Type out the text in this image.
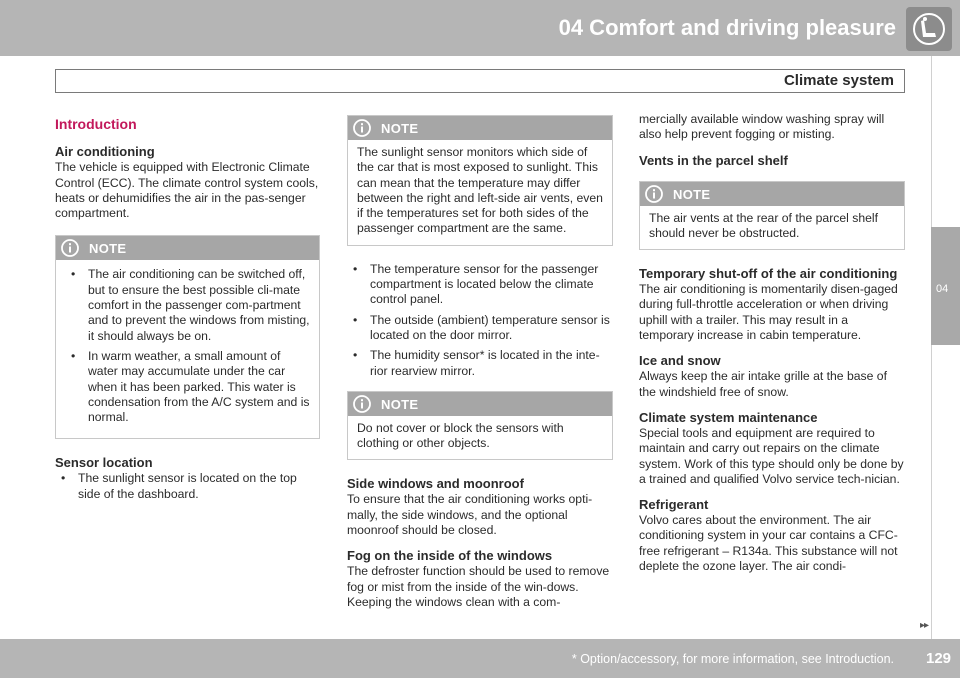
04 Comfort and driving pleasure
Climate system
04
Introduction
Air conditioning

The vehicle is equipped with Electronic Climate Control (ECC). The climate control system cools, heats or dehumidifies the air in the pas-senger compartment.

NOTE
• The air conditioning can be switched off, but to ensure the best possible cli-mate comfort in the passenger com-partment and to prevent the windows from misting, it should always be on.
• In warm weather, a small amount of water may accumulate under the car when it has been parked. This water is condensation from the A/C system and is normal.
Sensor location
• The sunlight sensor is located on the top side of the dashboard.
NOTE

The sunlight sensor monitors which side of the car that is most exposed to sunlight. This can mean that the temperature may differ between the right and left-side air vents, even if the temperatures set for both sides of the passenger compartment are the same.

• The temperature sensor for the passenger compartment is located below the climate control panel.
• The outside (ambient) temperature sensor is located on the door mirror.
• The humidity sensor* is located in the inte-rior rearview mirror.
NOTE

Do not cover or block the sensors with clothing or other objects.

Side windows and moonroof

To ensure that the air conditioning works opti-mally, the side windows, and the optional moonroof should be closed.

Fog on the inside of the windows

The defroster function should be used to remove fog or mist from the inside of the win-dows. Keeping the windows clean with a com-

mercially available window washing spray will also help prevent fogging or misting.

Vents in the parcel shelf
NOTE

The air vents at the rear of the parcel shelf should never be obstructed.

Temporary shut-off of the air conditioning

The air conditioning is momentarily disen-gaged during full-throttle acceleration or when driving uphill with a trailer. This may result in a temporary increase in cabin temperature.

Ice and snow

Always keep the air intake grille at the base of the windshield free of snow.

Climate system maintenance

Special tools and equipment are required to maintain and carry out repairs on the climate system. Work of this type should only be done by a trained and qualified Volvo service tech-nician.

Refrigerant

Volvo cares about the environment. The air conditioning system in your car contains a CFC-free refrigerant – R134a. This substance will not deplete the ozone layer. The air condi-

▸▸
* Option/accessory, for more information, see Introduction. 129
